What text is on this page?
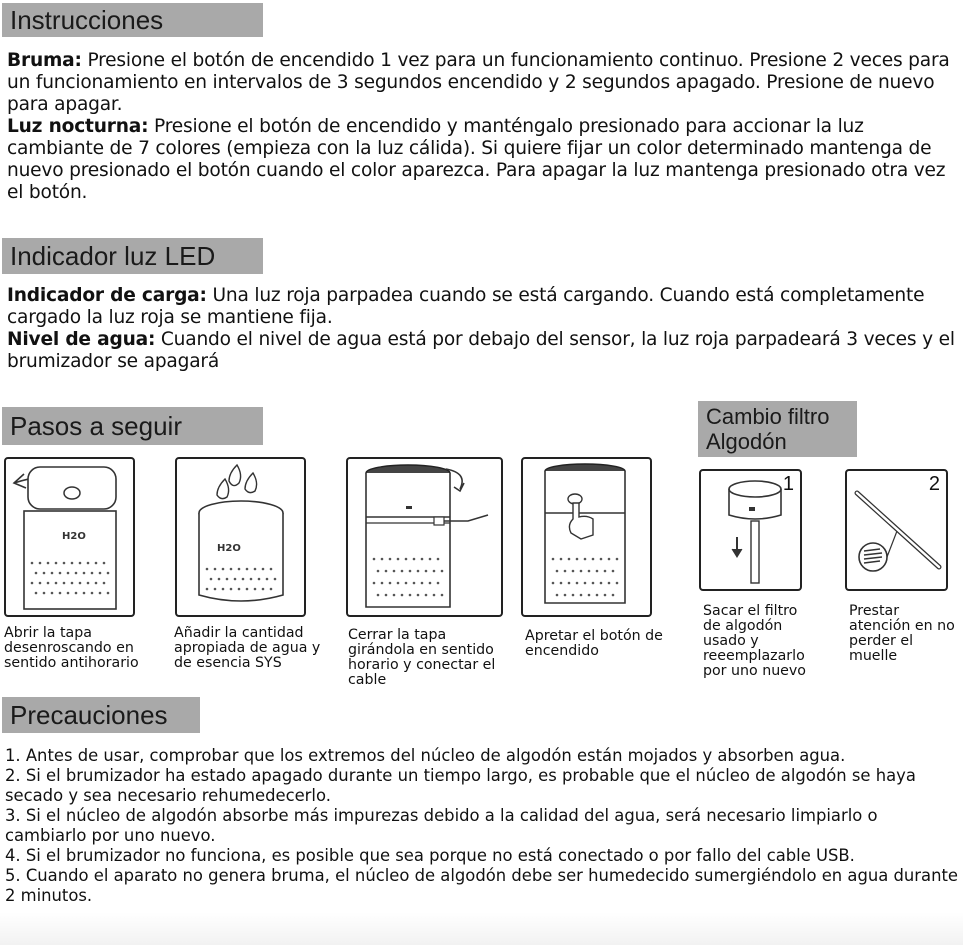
Instrucciones

Bruma: Presione el botón de encendido 1 vez para un funcionamiento continuo. Presione 2 veces para un funcionamiento en intervalos de 3 segundos encendido y 2 segundos apagado. Presione de nuevo para apagar.
Luz nocturna: Presione el botón de encendido y manténgalo presionado para accionar la luz cambiante de 7 colores (empieza con la luz cálida). Si quiere fijar un color determinado mantenga de nuevo presionado el botón cuando el color aparezca. Para apagar la luz mantenga presionado otra vez el botón.

Indicador luz LED

Indicador de carga: Una luz roja parpadea cuando se está cargando. Cuando está completamente cargado la luz roja se mantiene fija.
Nivel de agua: Cuando el nivel de agua está por debajo del sensor, la luz roja parpadeará 3 veces y el brumizador se apagará

Pasos a seguir	Cambio filtro
Algodón
H2O
H2O
1	2
Abrir la tapa
desenroscando en
sentido antihorario
Añadir la cantidad
apropiada de agua y
de esencia SYS
Cerrar la tapa
girándola en sentido
horario y conectar el
cable
Apretar el botón de
encendido
Sacar el filtro
de algodón
usado y
reeemplazarlo
por uno nuevo
Prestar
atención en no
perder el
muelle
Precauciones
1. Antes de usar, comprobar que los extremos del núcleo de algodón están mojados y absorben agua.
2. Si el brumizador ha estado apagado durante un tiempo largo, es probable que el núcleo de algodón se haya secado y sea necesario rehumedecerlo.
3. Si el núcleo de algodón absorbe más impurezas debido a la calidad del agua, será necesario limpiarlo o cambiarlo por uno nuevo.
4. Si el brumizador no funciona, es posible que sea porque no está conectado o por fallo del cable USB.
5. Cuando el aparato no genera bruma, el núcleo de algodón debe ser humedecido sumergiéndolo en agua durante 2 minutos.
